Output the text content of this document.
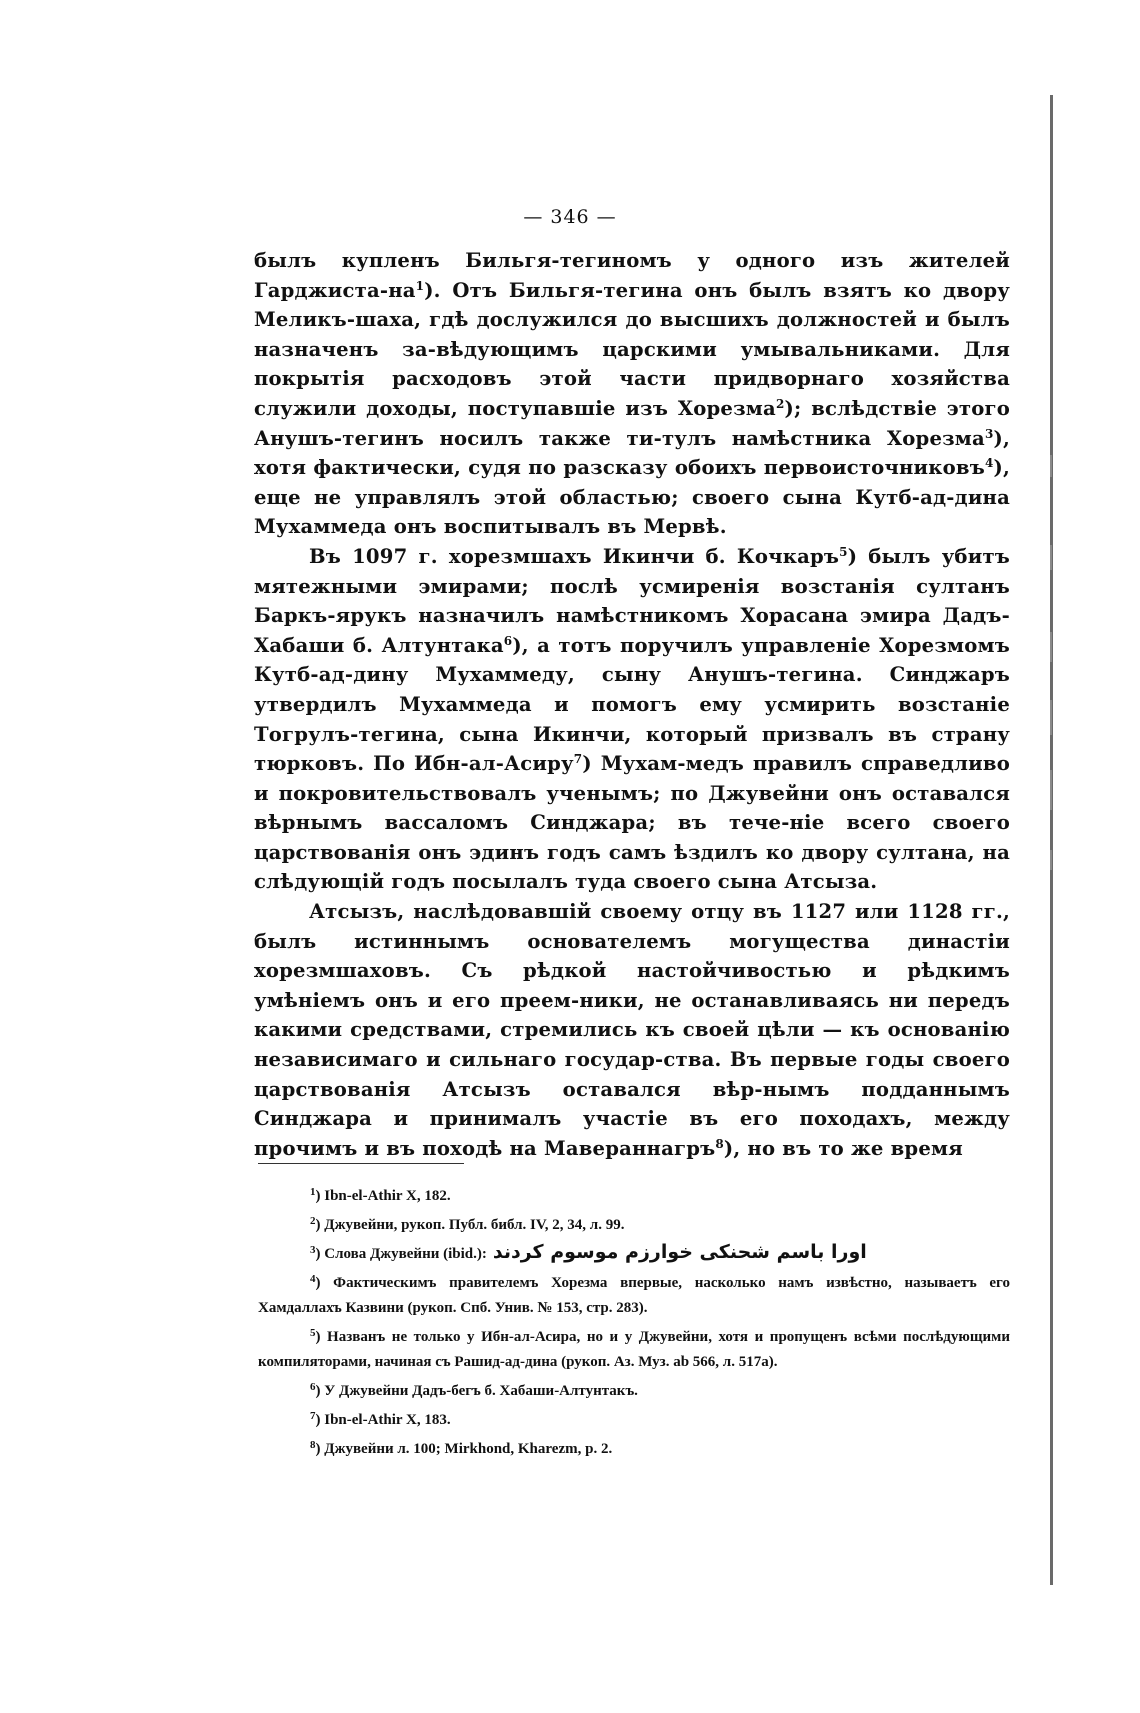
— 346 —

былъ купленъ Бильгя-тегиномъ у одного изъ жителей Гарджиста-$на^1$). Отъ Бильгя-тегина онъ былъ взятъ ко двору Меликъ-шаха, гдѣ дослужился до высшихъ должностей и былъ назначенъ за-вѣдующимъ царскими умывальниками. Для покрытія расходовъ этой части придворнаго хозяйства служили доходы, поступавшіе изъ Хорезма$^2$); вслѣдствіе этого Анушъ-тегинъ носилъ также ти-тулъ намѣстника Хорезма$^3$), хотя фактически, судя по разсказу обоихъ первоисточниковъ$^4$), еще не управлялъ этой областью; своего сына Кутб-ад-дина Мухаммеда онъ воспитывалъ въ Мервѣ.

Въ 1097 г. хорезмшахъ Икинчи б. Кочкаръ$^5$) былъ убитъ мятежными эмирами; послѣ усмиренія возстанія султанъ Баркъ-ярукъ назначилъ намѣстникомъ Хорасана эмира Дадъ-Хабаши б. Алтунтака$^6$), а тотъ поручилъ управленіе Хорезмомъ Кутб-ад-дину Мухаммеду, сыну Анушъ-тегина. Синджаръ утвердилъ Мухаммеда и помогъ ему усмирить возстаніе Тогрулъ-тегина, сына Икинчи, который призвалъ въ страну тюрковъ. По Ибн-ал-Асиру$^7$) Мухам-медъ правилъ справедливо и покровительствовалъ ученымъ; по Джувейни онъ оставался вѣрнымъ вассаломъ Синджара; въ тече-ніе всего своего царствованія онъ эдинъ годъ самъ ѣздилъ ко двору султана, на слѣдующій годъ посылалъ туда своего сына Атсыза.

Атсызъ, наслѣдовавшій своему отцу въ 1127 или 1128 гг., былъ истиннымъ основателемъ могущества династіи хорезмшаховъ. Съ рѣдкой настойчивостью и рѣдкимъ умѣніемъ онъ и его преем-ники, не останавливаясь ни передъ какими средствами, стремились къ своей цѣли — къ основанію независимаго и сильнаго государ-ства. Въ первые годы своего царствованія Атсызъ оставался вѣр-нымъ подданнымъ Синджара и принималъ участіе въ его походахъ, между прочимъ и въ походѣ на Мавераннагръ$^8$), но въ то же время

$^1$) Ibn-el-Athir X, 182.

$^2$) Джувейни, рукоп. Публ. библ. IV, 2, 34, л. 99.

$^3$) Слова Джувейни (ibid.): اورا باسم شحنکی خوارزم موسوم کردند

$^4$) Фактическимъ правителемъ Хорезма впервые, насколько намъ извѣстно, называетъ его Хамдаллахъ Казвини (рукоп. Спб. Унив. № 153, стр. 283).

$^5$) Названъ не только у Ибн-ал-Асира, но и у Джувейни, хотя и пропущенъ всѣми послѣдующими компиляторами, начиная съ Рашид-ад-дина (рукоп. Аз. Муз. ab 566, л. 517a).

$^6$) У Джувейни Дадъ-бегъ б. Хабаши-Алтунтакъ.

$^7$) Ibn-el-Athir X, 183.

$^8$) Джувейни л. 100; Mirkhond, Kharezm, p. 2.
